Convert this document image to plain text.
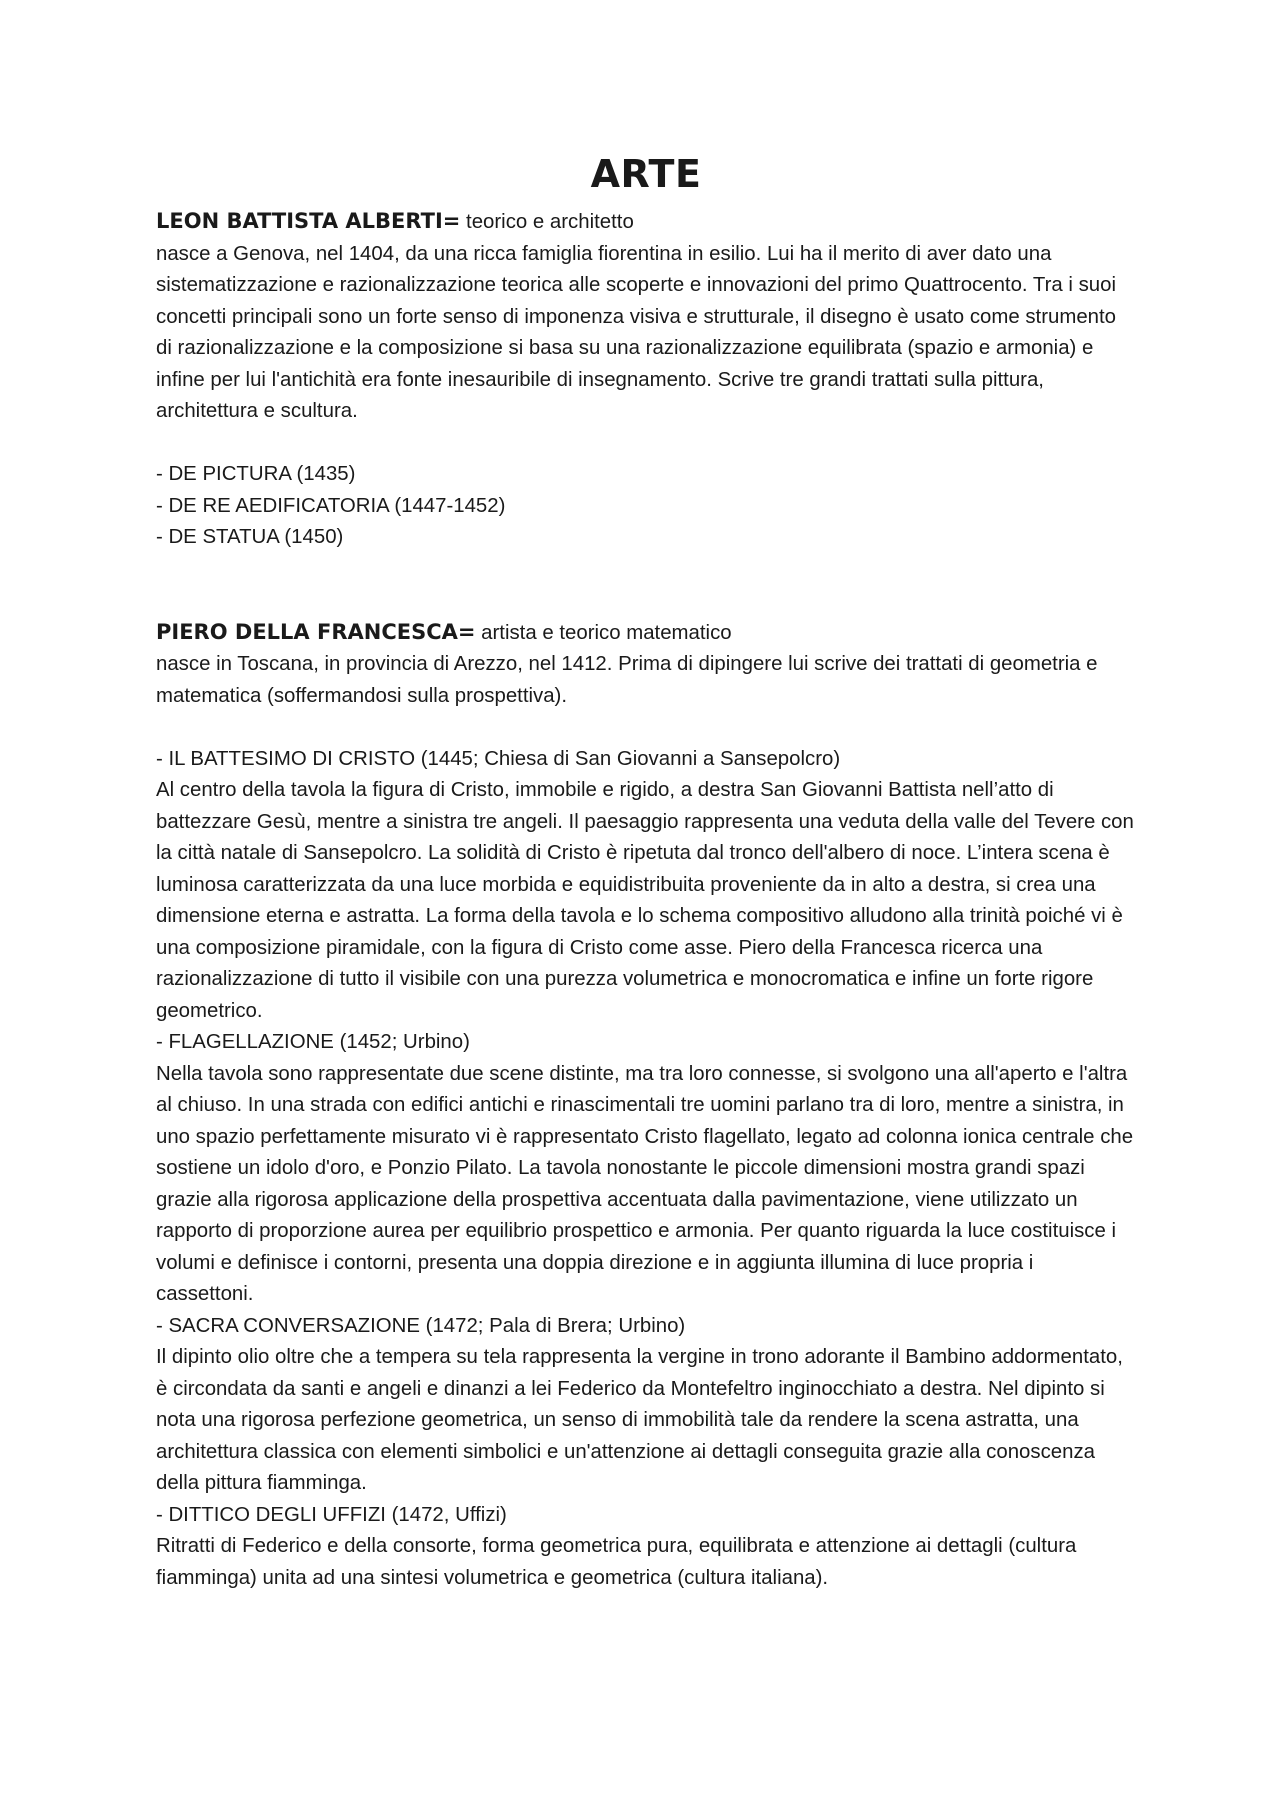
ARTE

LEON BATTISTA ALBERTI= teorico e architetto

nasce a Genova, nel 1404, da una ricca famiglia fiorentina in esilio. Lui ha il merito di aver dato una sistematizzazione e razionalizzazione teorica alle scoperte e innovazioni del primo Quattrocento. Tra i suoi concetti principali sono un forte senso di imponenza visiva e strutturale, il disegno è usato come strumento di razionalizzazione e la composizione si basa su una razionalizzazione equilibrata (spazio e armonia) e infine per lui l'antichità era fonte inesauribile di insegnamento. Scrive tre grandi trattati sulla pittura, architettura e scultura.

- DE PICTURA (1435)
- DE RE AEDIFICATORIA (1447-1452)
- DE STATUA (1450)

PIERO DELLA FRANCESCA= artista e teorico matematico

nasce in Toscana, in provincia di Arezzo, nel 1412. Prima di dipingere lui scrive dei trattati di geometria e matematica (soffermandosi sulla prospettiva).

- IL BATTESIMO DI CRISTO (1445; Chiesa di San Giovanni a Sansepolcro)

Al centro della tavola la figura di Cristo, immobile e rigido, a destra San Giovanni Battista nell’atto di battezzare Gesù, mentre a sinistra tre angeli. Il paesaggio rappresenta una veduta della valle del Tevere con la città natale di Sansepolcro. La solidità di Cristo è ripetuta dal tronco dell'albero di noce. L’intera scena è luminosa caratterizzata da una luce morbida e equidistribuita proveniente da in alto a destra, si crea una dimensione eterna e astratta. La forma della tavola e lo schema compositivo alludono alla trinità poiché vi è una composizione piramidale, con la figura di Cristo come asse. Piero della Francesca ricerca una razionalizzazione di tutto il visibile con una purezza volumetrica e monocromatica e infine un forte rigore geometrico.

- FLAGELLAZIONE (1452; Urbino)

Nella tavola sono rappresentate due scene distinte, ma tra loro connesse, si svolgono una all'aperto e l'altra al chiuso. In una strada con edifici antichi e rinascimentali tre uomini parlano tra di loro, mentre a sinistra, in uno spazio perfettamente misurato vi è rappresentato Cristo flagellato, legato ad colonna ionica centrale che sostiene un idolo d'oro, e Ponzio Pilato. La tavola nonostante le piccole dimensioni mostra grandi spazi grazie alla rigorosa applicazione della prospettiva accentuata dalla pavimentazione, viene utilizzato un rapporto di proporzione aurea per equilibrio prospettico e armonia. Per quanto riguarda la luce costituisce i volumi e definisce i contorni, presenta una doppia direzione e in aggiunta illumina di luce propria i cassettoni.

- SACRA CONVERSAZIONE (1472; Pala di Brera; Urbino)

Il dipinto olio oltre che a tempera su tela rappresenta la vergine in trono adorante il Bambino addormentato, è circondata da santi e angeli e dinanzi a lei Federico da Montefeltro inginocchiato a destra. Nel dipinto si nota una rigorosa perfezione geometrica, un senso di immobilità tale da rendere la scena astratta, una architettura classica con elementi simbolici e un'attenzione ai dettagli conseguita grazie alla conoscenza della pittura fiamminga.

- DITTICO DEGLI UFFIZI (1472, Uffizi)

Ritratti di Federico e della consorte, forma geometrica pura, equilibrata e attenzione ai dettagli (cultura fiamminga) unita ad una sintesi volumetrica e geometrica (cultura italiana).
